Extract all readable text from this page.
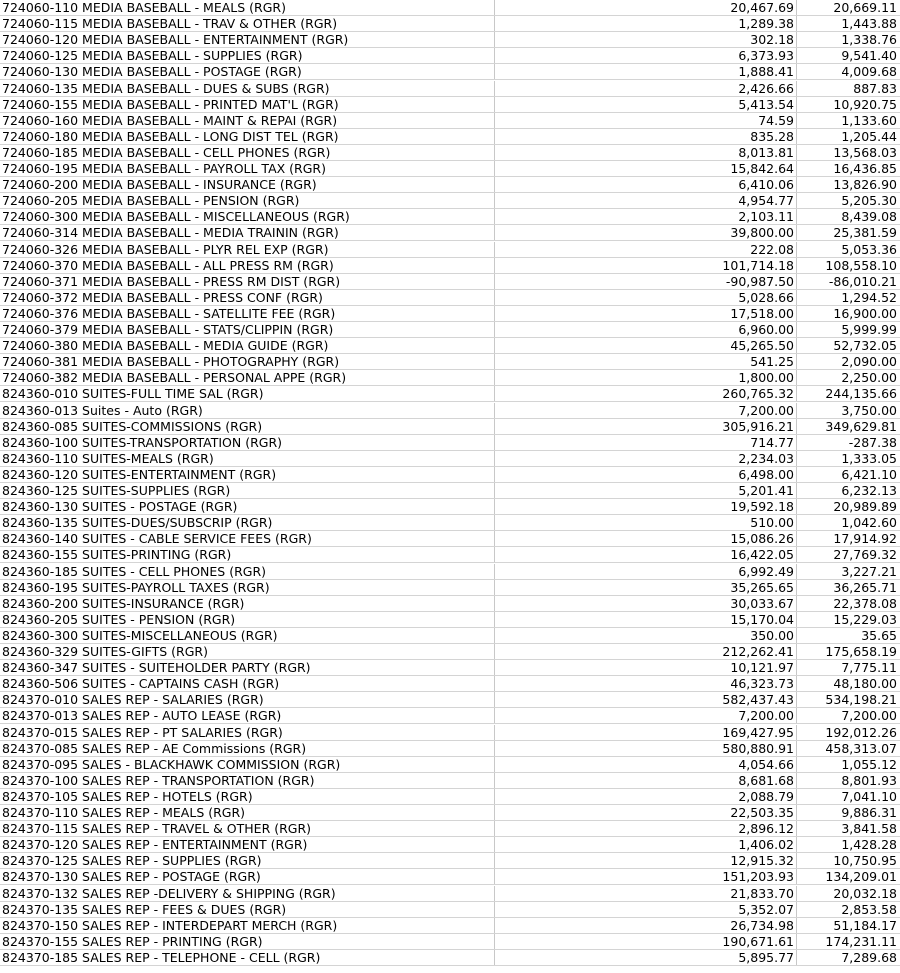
724060-110 MEDIA BASEBALL - MEALS (RGR)	20,467.69	20,669.11
724060-115 MEDIA BASEBALL - TRAV & OTHER (RGR)	1,289.38	1,443.88
724060-120 MEDIA BASEBALL - ENTERTAINMENT (RGR)	302.18	1,338.76
724060-125 MEDIA BASEBALL - SUPPLIES (RGR)	6,373.93	9,541.40
724060-130 MEDIA BASEBALL - POSTAGE (RGR)	1,888.41	4,009.68
724060-135 MEDIA BASEBALL - DUES & SUBS (RGR)	2,426.66	887.83
724060-155 MEDIA BASEBALL - PRINTED MAT'L (RGR)	5,413.54	10,920.75
724060-160 MEDIA BASEBALL - MAINT & REPAI (RGR)	74.59	1,133.60
724060-180 MEDIA BASEBALL - LONG DIST TEL (RGR)	835.28	1,205.44
724060-185 MEDIA BASEBALL - CELL PHONES (RGR)	8,013.81	13,568.03
724060-195 MEDIA BASEBALL - PAYROLL TAX (RGR)	15,842.64	16,436.85
724060-200 MEDIA BASEBALL - INSURANCE (RGR)	6,410.06	13,826.90
724060-205 MEDIA BASEBALL - PENSION (RGR)	4,954.77	5,205.30
724060-300 MEDIA BASEBALL - MISCELLANEOUS (RGR)	2,103.11	8,439.08
724060-314 MEDIA BASEBALL - MEDIA TRAININ (RGR)	39,800.00	25,381.59
724060-326 MEDIA BASEBALL - PLYR REL EXP (RGR)	222.08	5,053.36
724060-370 MEDIA BASEBALL - ALL PRESS RM (RGR)	101,714.18	108,558.10
724060-371 MEDIA BASEBALL - PRESS RM DIST (RGR)	-90,987.50	-86,010.21
724060-372 MEDIA BASEBALL - PRESS CONF (RGR)	5,028.66	1,294.52
724060-376 MEDIA BASEBALL - SATELLITE FEE (RGR)	17,518.00	16,900.00
724060-379 MEDIA BASEBALL - STATS/CLIPPIN (RGR)	6,960.00	5,999.99
724060-380 MEDIA BASEBALL - MEDIA GUIDE (RGR)	45,265.50	52,732.05
724060-381 MEDIA BASEBALL - PHOTOGRAPHY (RGR)	541.25	2,090.00
724060-382 MEDIA BASEBALL - PERSONAL APPE (RGR)	1,800.00	2,250.00
824360-010 SUITES-FULL TIME SAL (RGR)	260,765.32	244,135.66
824360-013 Suites - Auto (RGR)	7,200.00	3,750.00
824360-085 SUITES-COMMISSIONS (RGR)	305,916.21	349,629.81
824360-100 SUITES-TRANSPORTATION (RGR)	714.77	-287.38
824360-110 SUITES-MEALS (RGR)	2,234.03	1,333.05
824360-120 SUITES-ENTERTAINMENT (RGR)	6,498.00	6,421.10
824360-125 SUITES-SUPPLIES (RGR)	5,201.41	6,232.13
824360-130 SUITES - POSTAGE (RGR)	19,592.18	20,989.89
824360-135 SUITES-DUES/SUBSCRIP (RGR)	510.00	1,042.60
824360-140 SUITES - CABLE SERVICE FEES (RGR)	15,086.26	17,914.92
824360-155 SUITES-PRINTING (RGR)	16,422.05	27,769.32
824360-185 SUITES - CELL PHONES (RGR)	6,992.49	3,227.21
824360-195 SUITES-PAYROLL TAXES (RGR)	35,265.65	36,265.71
824360-200 SUITES-INSURANCE (RGR)	30,033.67	22,378.08
824360-205 SUITES - PENSION (RGR)	15,170.04	15,229.03
824360-300 SUITES-MISCELLANEOUS (RGR)	350.00	35.65
824360-329 SUITES-GIFTS (RGR)	212,262.41	175,658.19
824360-347 SUITES - SUITEHOLDER PARTY (RGR)	10,121.97	7,775.11
824360-506 SUITES - CAPTAINS CASH (RGR)	46,323.73	48,180.00
824370-010 SALES REP - SALARIES (RGR)	582,437.43	534,198.21
824370-013 SALES REP - AUTO LEASE (RGR)	7,200.00	7,200.00
824370-015 SALES REP - PT SALARIES (RGR)	169,427.95	192,012.26
824370-085 SALES REP - AE Commissions (RGR)	580,880.91	458,313.07
824370-095 SALES - BLACKHAWK COMMISSION (RGR)	4,054.66	1,055.12
824370-100 SALES REP - TRANSPORTATION (RGR)	8,681.68	8,801.93
824370-105 SALES REP - HOTELS (RGR)	2,088.79	7,041.10
824370-110 SALES REP - MEALS (RGR)	22,503.35	9,886.31
824370-115 SALES REP - TRAVEL & OTHER (RGR)	2,896.12	3,841.58
824370-120 SALES REP - ENTERTAINMENT (RGR)	1,406.02	1,428.28
824370-125 SALES REP - SUPPLIES (RGR)	12,915.32	10,750.95
824370-130 SALES REP - POSTAGE (RGR)	151,203.93	134,209.01
824370-132 SALES REP -DELIVERY & SHIPPING (RGR)	21,833.70	20,032.18
824370-135 SALES REP - FEES & DUES (RGR)	5,352.07	2,853.58
824370-150 SALES REP - INTERDEPART MERCH (RGR)	26,734.98	51,184.17
824370-155 SALES REP - PRINTING (RGR)	190,671.61	174,231.11
824370-185 SALES REP - TELEPHONE - CELL (RGR)	5,895.77	7,289.68
